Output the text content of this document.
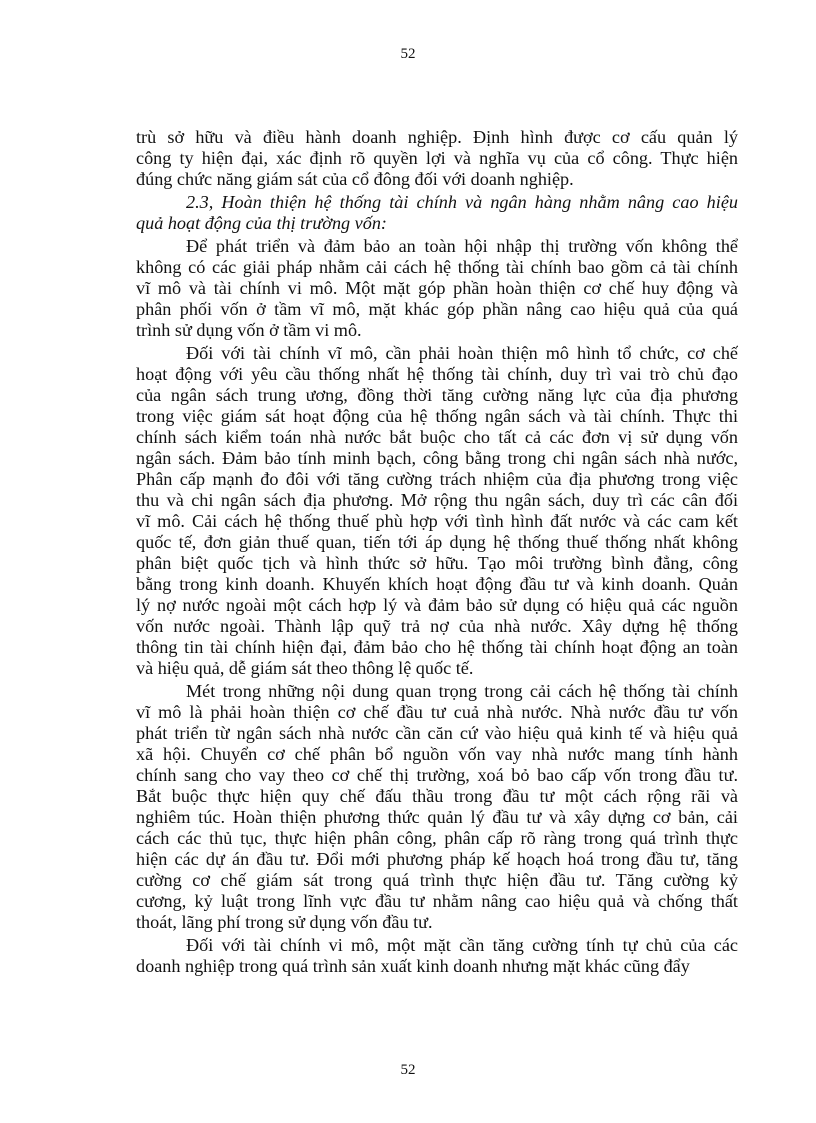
52
trù sở hữu và điều hành doanh nghiệp. Định hình được cơ cấu quản lý
công ty hiện đại, xác định rõ quyền lợi và nghĩa vụ của cổ công. Thực hiện
đúng chức năng giám sát của cổ đông đối với doanh nghiệp.
2.3, Hoàn thiện hệ thống tài chính và ngân hàng nhằm nâng cao hiệu
quả hoạt động của thị trường vốn:
Để phát triển và đảm bảo an toàn hội nhập thị trường vốn không thể
không có các giải pháp nhằm cải cách hệ thống tài chính bao gồm cả tài chính
vĩ mô và tài chính vi mô. Một mặt góp phần hoàn thiện cơ chế huy động và
phân phối vốn ở tầm vĩ mô, mặt khác góp phần nâng cao hiệu quả của quá
trình sử dụng vốn ở tầm vi mô.
Đối với tài chính vĩ mô, cần phải hoàn thiện mô hình tổ chức, cơ chế
hoạt động với yêu cầu thống nhất hệ thống tài chính, duy trì vai trò chủ đạo
của ngân sách trung ương, đồng thời tăng cường năng lực của địa phương
trong việc giám sát hoạt động của hệ thống ngân sách và tài chính. Thực thi
chính sách kiểm toán nhà nước bắt buộc cho tất cả các đơn vị sử dụng vốn
ngân sách. Đảm bảo tính minh bạch, công bằng trong chi ngân sách nhà nước,
Phân cấp mạnh đo đôi với tăng cường trách nhiệm của địa phương trong việc
thu và chi ngân sách địa phương. Mở rộng thu ngân sách, duy trì các cân đối
vĩ mô. Cải cách hệ thống thuế phù hợp với tình hình đất nước và các cam kết
quốc tế, đơn giản thuế quan, tiến tới áp dụng hệ thống thuế thống nhất không
phân biệt quốc tịch và hình thức sở hữu. Tạo môi trường bình đẳng, công
bằng trong kinh doanh. Khuyến khích hoạt động đầu tư và kinh doanh. Quản
lý nợ nước ngoài một cách hợp lý và đảm bảo sử dụng có hiệu quả các nguồn
vốn nước ngoài. Thành lập quỹ trả nợ của nhà nước. Xây dựng hệ thống
thông tin tài chính hiện đại, đảm bảo cho hệ thống tài chính hoạt động an toàn
và hiệu quả, dễ giám sát theo thông lệ quốc tế.
Mét trong những nội dung quan trọng trong cải cách hệ thống tài chính
vĩ mô là phải hoàn thiện cơ chế đầu tư cuả nhà nước. Nhà nước đầu tư vốn
phát triển từ ngân sách nhà nước cần căn cứ vào hiệu quả kinh tế và hiệu quả
xã hội. Chuyển cơ chế phân bổ nguồn vốn vay nhà nước mang tính hành
chính sang cho vay theo cơ chế thị trường, xoá bỏ bao cấp vốn trong đầu tư.
Bắt buộc thực hiện quy chế đấu thầu trong đầu tư một cách rộng rãi và
nghiêm túc. Hoàn thiện phương thức quản lý đầu tư và xây dựng cơ bản, cải
cách các thủ tục, thực hiện phân công, phân cấp rõ ràng trong quá trình thực
hiện các dự án đầu tư. Đổi mới phương pháp kế hoạch hoá trong đầu tư, tăng
cường cơ chế giám sát trong quá trình thực hiện đầu tư. Tăng cường kỷ
cương, kỷ luật trong lĩnh vực đầu tư nhằm nâng cao hiệu quả và chống thất
thoát, lãng phí trong sử dụng vốn đầu tư.
Đối với tài chính vi mô, một mặt cần tăng cường tính tự chủ của các
doanh nghiệp trong quá trình sản xuất kinh doanh nhưng mặt khác cũng đẩy
52
